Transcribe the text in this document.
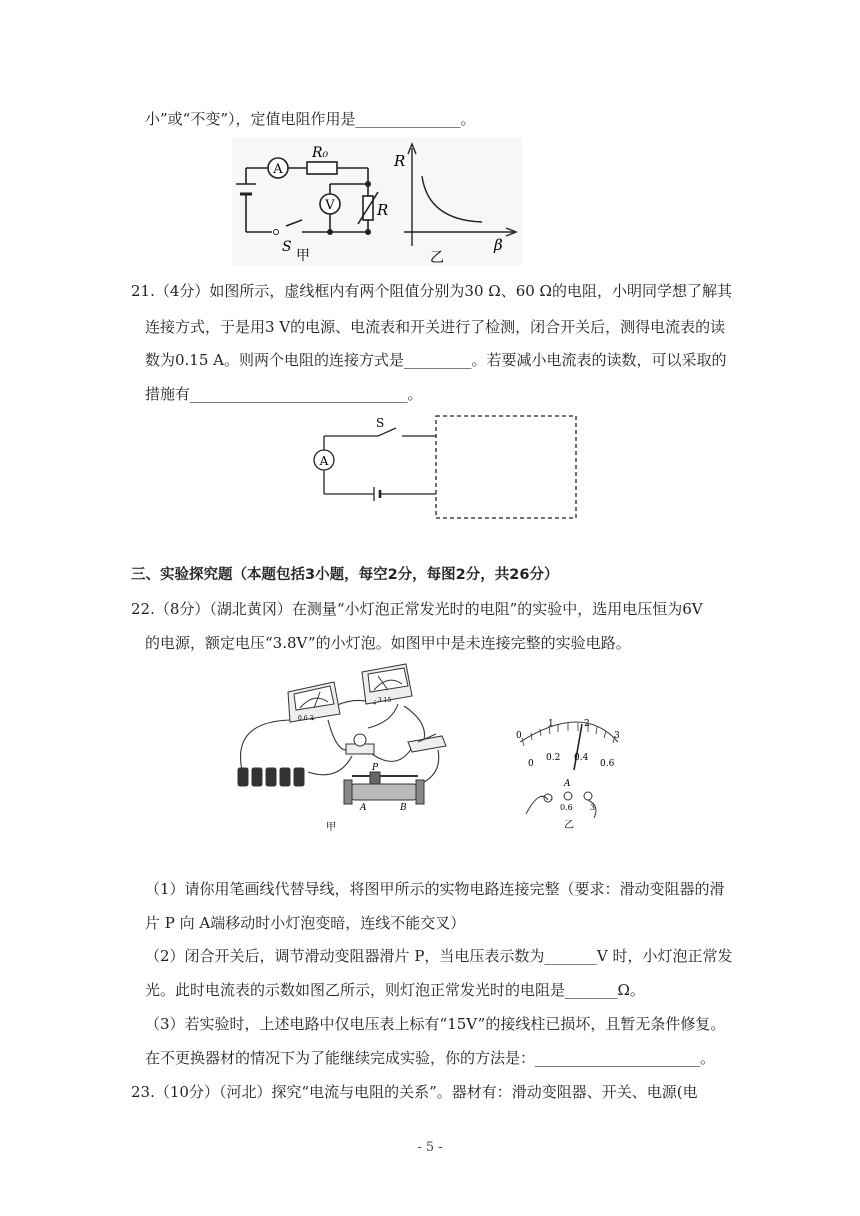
小”或“不变”），定值电阻作用是______________。
A
V
R₀
R
S
甲
R
β
乙
21.（4分）如图所示，虚线框内有两个阻值分别为30 Ω、60 Ω的电阻，小明同学想了解其
连接方式，于是用3 V的电源、电流表和开关进行了检测，闭合开关后，测得电流表的读
数为0.15 A。则两个电阻的连接方式是_________。若要减小电流表的读数，可以采取的
措施有_____________________________。
A
S
三、实验探究题（本题包括3小题，每空2分，每图2分，共26分）
22.（8分）（湖北黄冈）在测量“小灯泡正常发光时的电阻”的实验中，选用电压恒为6V
的电源，额定电压“3.8V”的小灯泡。如图甲中是未连接完整的实验电路。
0.6 3
- 3 15
P
A	B
甲
0
1	2
3
0
0.2 0.4
0.6
A
-
0.6 3
乙
（1）请你用笔画线代替导线，将图甲所示的实物电路连接完整（要求：滑动变阻器的滑
片 P 向 A端移动时小灯泡变暗，连线不能交叉）
（2）闭合开关后，调节滑动变阻器滑片 P，当电压表示数为_______V 时，小灯泡正常发
光。此时电流表的示数如图乙所示，则灯泡正常发光时的电阻是_______Ω。
（3）若实验时，上述电路中仅电压表上标有“15V”的接线柱已损坏，且暂无条件修复。
在不更换器材的情况下为了能继续完成实验，你的方法是：______________________。
23.（10分）（河北）探究“电流与电阻的关系”。器材有：滑动变阻器、开关、电源(电
- 5 -
